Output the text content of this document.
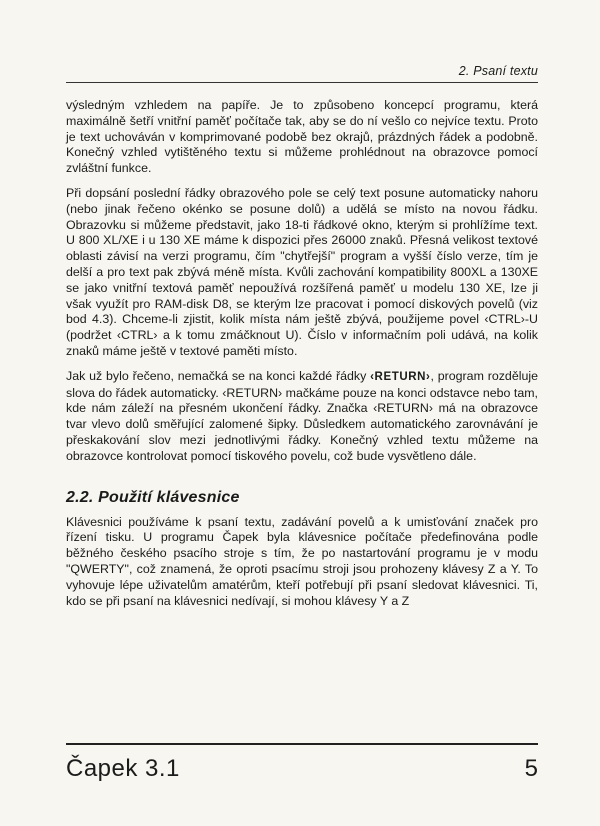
2. Psaní textu

výsledným vzhledem na papíře. Je to způsobeno koncepcí programu, která maximálně šetří vnitřní paměť počítače tak, aby se do ní vešlo co nejvíce textu. Proto je text uchováván v komprimované podobě bez okrajů, prázdných řádek a podobně. Konečný vzhled vytištěného textu si můžeme prohlédnout na obrazovce pomocí zvláštní funkce.

Při dopsání poslední řádky obrazového pole se celý text posune automaticky nahoru (nebo jinak řečeno okénko se posune dolů) a udělá se místo na novou řádku. Obrazovku si můžeme představit, jako 18-ti řádkové okno, kterým si prohlížíme text. U 800 XL/XE i u 130 XE máme k dispozici přes 26000 znaků. Přesná velikost textové oblasti závisí na verzi programu, čím "chytřejší" program a vyšší číslo verze, tím je delší a pro text pak zbývá méně místa. Kvůli zachování kompatibility 800XL a 130XE se jako vnitřní textová paměť nepoužívá rozšířená paměť u modelu 130 XE, lze ji však využít pro RAM-disk D8, se kterým lze pracovat i pomocí diskových povelů (viz bod 4.3). Chceme-li zjistit, kolik místa nám ještě zbývá, použijeme povel ‹CTRL›-U (podržet ‹CTRL› a k tomu zmáčknout U). Číslo v informačním poli udává, na kolik znaků máme ještě v textové paměti místo.

Jak už bylo řečeno, nemačká se na konci každé řádky ‹RETURN›, program rozděluje slova do řádek automaticky. ‹RETURN› mačkáme pouze na konci odstavce nebo tam, kde nám záleží na přesném ukončení řádky. Značka ‹RETURN› má na obrazovce tvar vlevo dolů směřující zalomené šipky. Důsledkem automatického zarovnávání je přeskakování slov mezi jednotlivými řádky. Konečný vzhled textu můžeme na obrazovce kontrolovat pomocí tiskového povelu, což bude vysvětleno dále.

2.2. Použití klávesnice

Klávesnici používáme k psaní textu, zadávání povelů a k umisťování značek pro řízení tisku. U programu Čapek byla klávesnice počítače předefinována podle běžného českého psacího stroje s tím, že po nastartování programu je v modu "QWERTY", což znamená, že oproti psacímu stroji jsou prohozeny klávesy Z a Y. To vyhovuje lépe uživatelům amatérům, kteří potřebují při psaní sledovat klávesnici. Ti, kdo se při psaní na klávesnici nedívají, si mohou klávesy Y a Z

Čapek 3.1	5
